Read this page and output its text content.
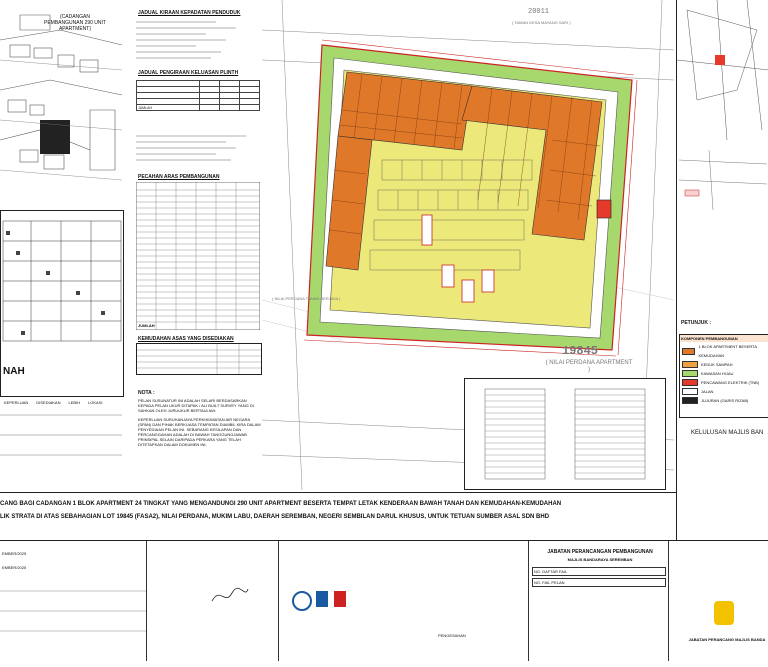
(CADANGAN PEMBANGUNAN 290 UNIT APARTMENT)
NAH
JADUAL KIRAAN KEPADATAN PENDUDUK
JADUAL PENGIRAAN KELUASAN PLINTH

JUMLAH			
PECAHAN ARAS PEMBANGUNAN
JUMLAH
KEMUDAHAN ASAS YANG DISEDIAKAN
NOTA :
PELAN SUSUNATUR INI ADALAH SELARI BERDASARKAN KEPADA PELAN UKUR DITAPAK / ALI BUILT SURVEY YANG DI SAHKAN OLEH JURUUKUR BERTAULIAH.
KEPERLUAN SURUHANJAYA PERKHIDMATAN AIR NEGARA (SPAN) DAN PIHAK BERKUASA TEMPATAN DIAMBIL KIRA DALAM PENYEDIAAN PELAN INI. SEBARANG KESILAPAN DAN PERCANGGAHAN ADALAH DI BAWAH TANGGUNGJAWAB PRINSIPAL SELAIN DARIPADA PERKARA YANG TELAH DITETAPKAN DALAM DOKUMEN INI.
19845
( NILAI PERDANA APARTMENT )
20011
( TAMAN DESA MAYANG SARI )
( NILAI PERDANA TAMAN BERJAYA )
PETUNJUK :
KOMPONEN PEMBANGUNAN
1 BLOK APARTMENT BESERTA KEMUDAHAN
KEDUK SAMPAH
KAWASAN HIJAU
PENCAWANG ELEKTRIK (TNB)
JALAN
JUJURAN (GARIS RIZAB)
KELULUSAN MAJLIS BAN
CANG BAGI CADANGAN 1 BLOK APARTMENT 24 TINGKAT YANG MENGANDUNGI 290 UNIT APARTMENT BESERTA TEMPAT LETAK KENDERAAN BAWAH TANAH DAN KEMUDAHAN-KEMUDAHAN
LIK STRATA DI ATAS SEBAHAGIAN LOT 19845 (FASA2), NILAI PERDANA, MUKIM LABU, DAERAH SEREMBAN, NEGERI SEMBILAN DARUL KHUSUS, UNTUK TETUAN SUMBER ASAL SDN BHD
KEPERLUAN DISEDIAKAN LEBIH LOKASI
EMBER/2025
EMBER/2025
JABATAN PERANCANGAN PEMBANGUNAN
MAJLIS BANDARAYA SEREMBAN
NO. DAFTAR FAIL
NO. FAIL PELAN
PENGESAHAN
JABATAN PERANCANG MAJLIS BANDA
